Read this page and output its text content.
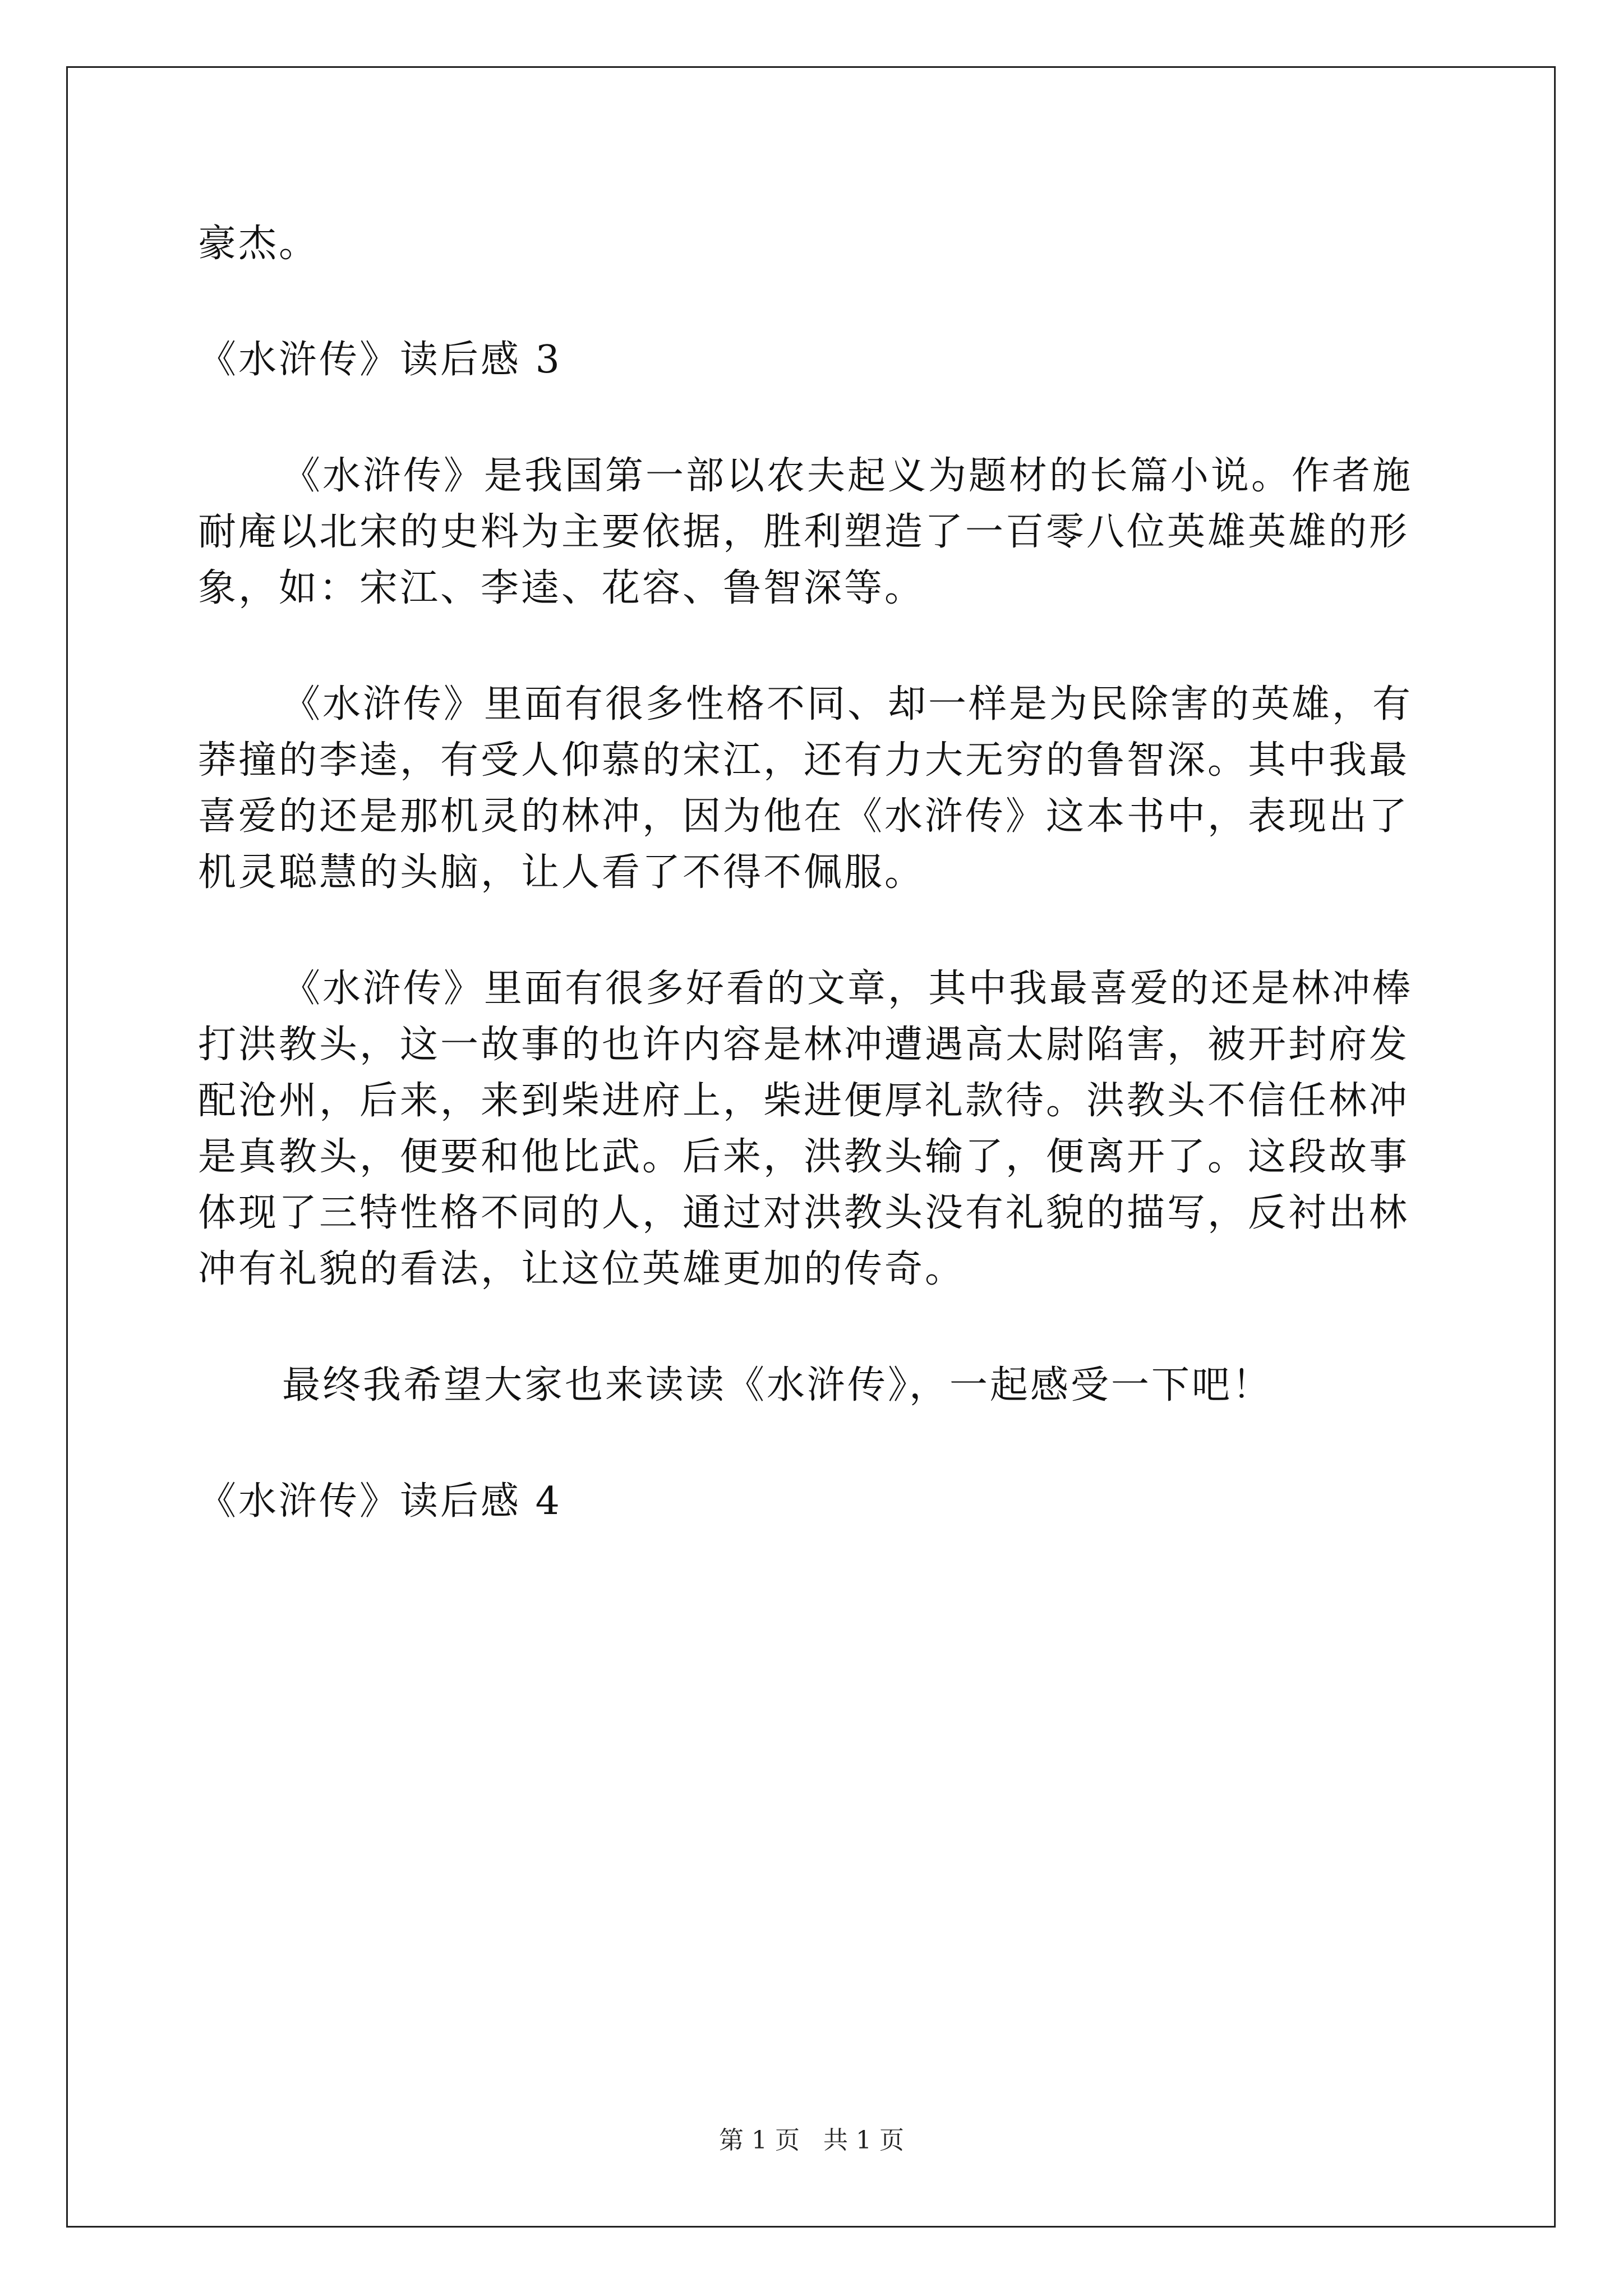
豪杰。
《水浒传》读后感 3
《水浒传》是我国第一部以农夫起义为题材的长篇小说。作者施
耐庵以北宋的史料为主要依据，胜利塑造了一百零八位英雄英雄的形
象，如：宋江、李逵、花容、鲁智深等。
《水浒传》里面有很多性格不同、却一样是为民除害的英雄，有
莽撞的李逵，有受人仰慕的宋江，还有力大无穷的鲁智深。其中我最
喜爱的还是那机灵的林冲，因为他在《水浒传》这本书中，表现出了
机灵聪慧的头脑，让人看了不得不佩服。
《水浒传》里面有很多好看的文章，其中我最喜爱的还是林冲棒
打洪教头，这一故事的也许内容是林冲遭遇高太尉陷害，被开封府发
配沧州，后来，来到柴进府上，柴进便厚礼款待。洪教头不信任林冲
是真教头，便要和他比武。后来，洪教头输了，便离开了。这段故事
体现了三特性格不同的人，通过对洪教头没有礼貌的描写，反衬出林
冲有礼貌的看法，让这位英雄更加的传奇。
最终我希望大家也来读读《水浒传》，一起感受一下吧！
《水浒传》读后感 4
第 1 页   共 1 页
